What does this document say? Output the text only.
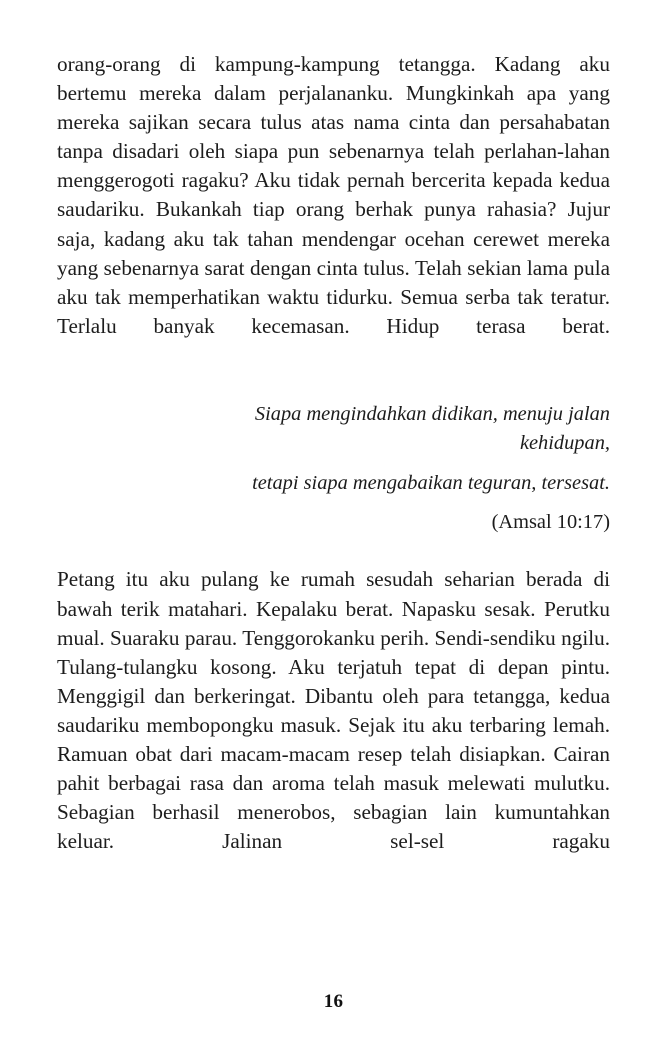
orang-orang di kampung-kampung tetangga. Kadang aku bertemu mereka dalam perjalananku. Mungkinkah apa yang mereka sajikan secara tulus atas nama cinta dan persahabatan tanpa disadari oleh siapa pun sebenarnya telah perlahan-lahan menggerogoti ragaku? Aku tidak pernah bercerita kepada kedua saudariku. Bukankah tiap orang berhak punya rahasia? Jujur saja, kadang aku tak tahan mendengar ocehan cerewet mereka yang sebenarnya sarat dengan cinta tulus. Telah sekian lama pula aku tak memperhatikan waktu tidurku. Semua serba tak teratur. Terlalu banyak kecemasan. Hidup terasa berat.

Siapa mengindahkan didikan, menuju jalan
kehidupan,
tetapi siapa mengabaikan teguran, tersesat.
(Amsal 10:17)

Petang itu aku pulang ke rumah sesudah seharian berada di bawah terik matahari. Kepalaku berat. Napasku sesak. Perutku mual. Suaraku parau. Tenggorokanku perih. Sendi-sendiku ngilu. Tulang-tulangku kosong. Aku terjatuh tepat di depan pintu. Menggigil dan berkeringat. Dibantu oleh para tetangga, kedua saudariku membopongku masuk. Sejak itu aku terbaring lemah. Ramuan obat dari macam-macam resep telah disiapkan. Cairan pahit berbagai rasa dan aroma telah masuk melewati mulutku. Sebagian berhasil menerobos, sebagian lain kumuntahkan keluar. Jalinan sel-sel ragaku

16
